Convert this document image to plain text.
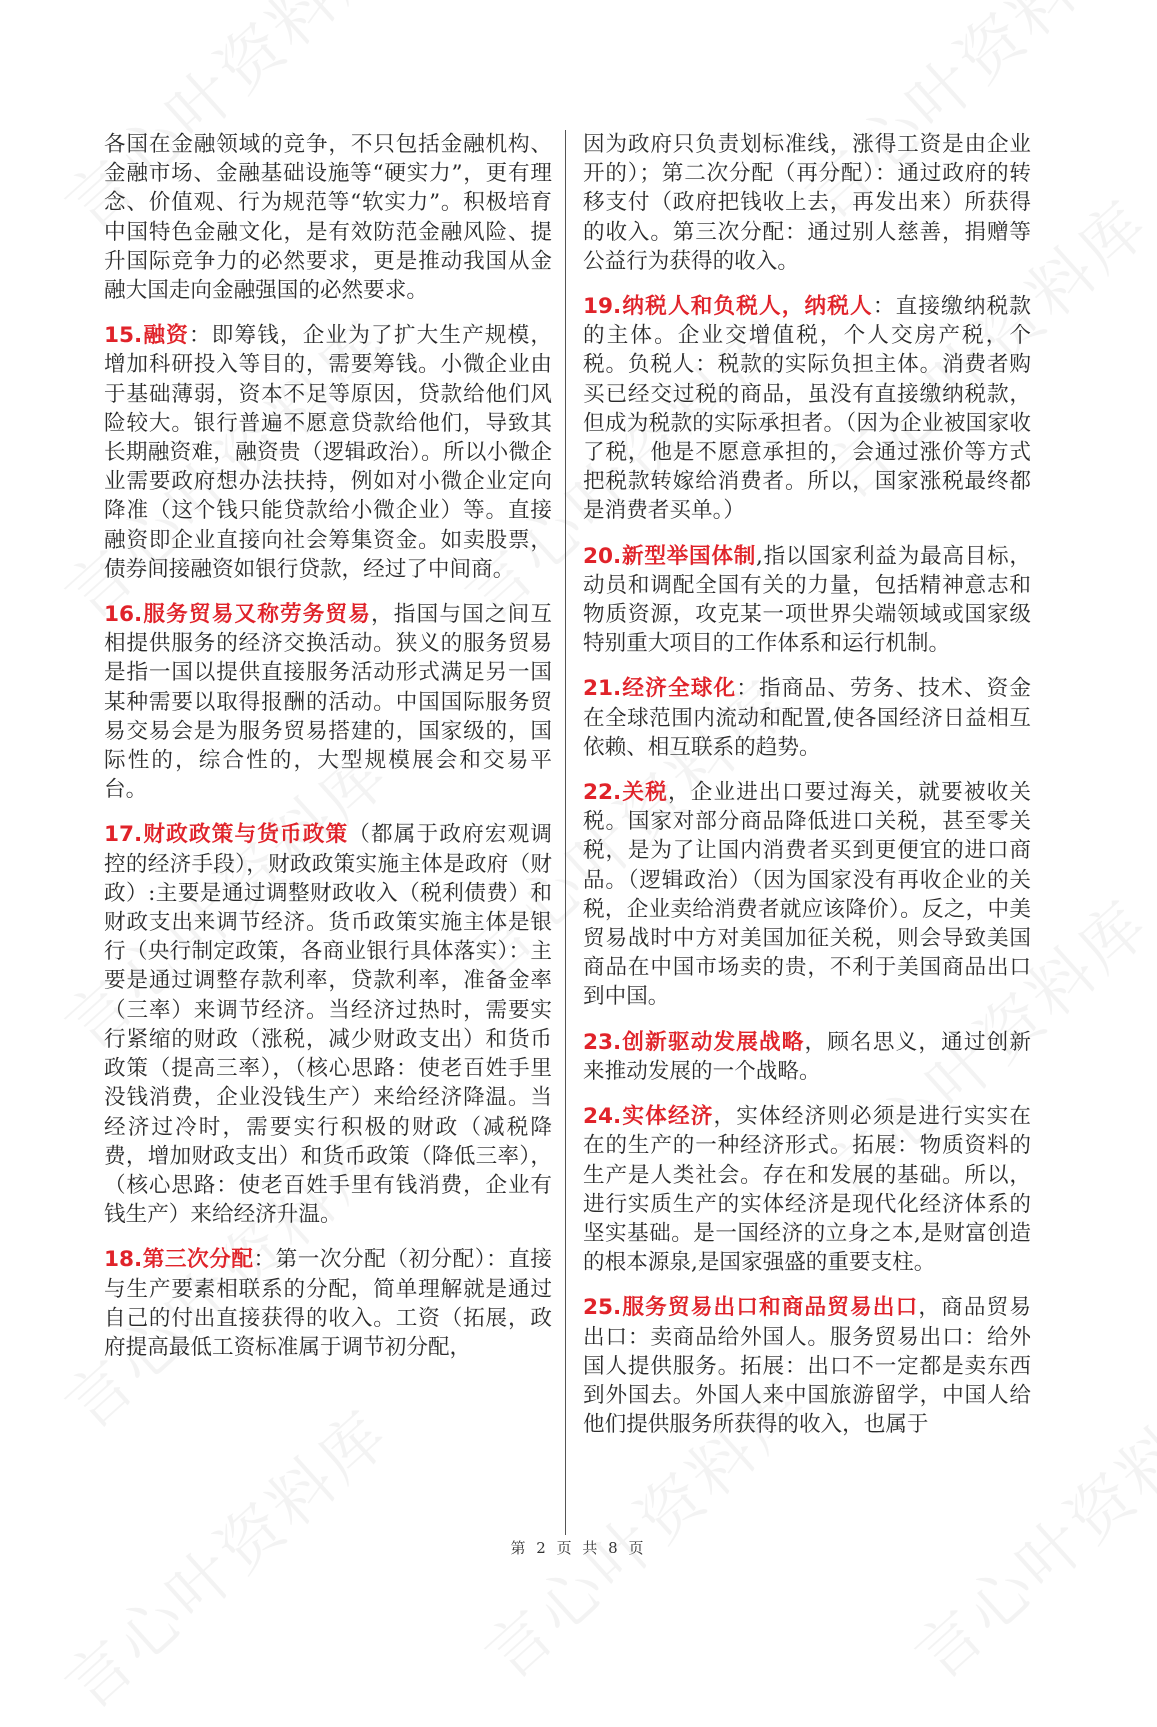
各国在金融领域的竞争，不只包括金融机构、金融市场、金融基础设施等“硬实力”，更有理念、价值观、行为规范等“软实力”。积极培育中国特色金融文化，是有效防范金融风险、提升国际竞争力的必然要求，更是推动我国从金融大国走向金融强国的必然要求。

15.融资：即筹钱，企业为了扩大生产规模，增加科研投入等目的，需要筹钱。小微企业由于基础薄弱，资本不足等原因，贷款给他们风险较大。银行普遍不愿意贷款给他们，导致其长期融资难，融资贵（逻辑政治）。所以小微企业需要政府想办法扶持，例如对小微企业定向降准（这个钱只能贷款给小微企业）等。直接融资即企业直接向社会筹集资金。如卖股票，债券间接融资如银行贷款，经过了中间商。

16.服务贸易又称劳务贸易，指国与国之间互相提供服务的经济交换活动。狭义的服务贸易是指一国以提供直接服务活动形式满足另一国某种需要以取得报酬的活动。中国国际服务贸易交易会是为服务贸易搭建的，国家级的，国际性的，综合性的，大型规模展会和交易平台。

17.财政政策与货币政策（都属于政府宏观调控的经济手段），财政政策实施主体是政府（财政）:主要是通过调整财政收入（税利债费）和财政支出来调节经济。货币政策实施主体是银行（央行制定政策，各商业银行具体落实）：主要是通过调整存款利率，贷款利率，准备金率（三率）来调节经济。当经济过热时，需要实行紧缩的财政（涨税，减少财政支出）和货币政策（提高三率），（核心思路：使老百姓手里没钱消费，企业没钱生产）来给经济降温。当经济过冷时，需要实行积极的财政（减税降费，增加财政支出）和货币政策（降低三率），（核心思路：使老百姓手里有钱消费，企业有钱生产）来给经济升温。

18.第三次分配：第一次分配（初分配）：直接与生产要素相联系的分配，简单理解就是通过自己的付出直接获得的收入。工资（拓展，政府提高最低工资标准属于调节初分配，

因为政府只负责划标准线，涨得工资是由企业开的）；第二次分配（再分配）：通过政府的转移支付（政府把钱收上去，再发出来）所获得的收入。第三次分配：通过别人慈善，捐赠等公益行为获得的收入。

19.纳税人和负税人，纳税人：直接缴纳税款的主体。企业交增值税，个人交房产税，个税。负税人：税款的实际负担主体。消费者购买已经交过税的商品，虽没有直接缴纳税款，但成为税款的实际承担者。（因为企业被国家收了税，他是不愿意承担的，会通过涨价等方式把税款转嫁给消费者。所以，国家涨税最终都是消费者买单。）

20.新型举国体制,指以国家利益为最高目标，动员和调配全国有关的力量，包括精神意志和物质资源，攻克某一项世界尖端领域或国家级特别重大项目的工作体系和运行机制。

21.经济全球化：指商品、劳务、技术、资金在全球范围内流动和配置,使各国经济日益相互依赖、相互联系的趋势。

22.关税，企业进出口要过海关，就要被收关税。国家对部分商品降低进口关税，甚至零关税，是为了让国内消费者买到更便宜的进口商品。（逻辑政治）（因为国家没有再收企业的关税，企业卖给消费者就应该降价）。反之，中美贸易战时中方对美国加征关税，则会导致美国商品在中国市场卖的贵，不利于美国商品出口到中国。

23.创新驱动发展战略，顾名思义，通过创新来推动发展的一个战略。

24.实体经济，实体经济则必须是进行实实在在的生产的一种经济形式。拓展：物质资料的生产是人类社会。存在和发展的基础。所以，进行实质生产的实体经济是现代化经济体系的坚实基础。是一国经济的立身之本,是财富创造的根本源泉,是国家强盛的重要支柱。

25.服务贸易出口和商品贸易出口，商品贸易出口：卖商品给外国人。服务贸易出口：给外国人提供服务。拓展：出口不一定都是卖东西到外国去。外国人来中国旅游留学，中国人给他们提供服务所获得的收入，也属于

第 2 页 共 8 页
